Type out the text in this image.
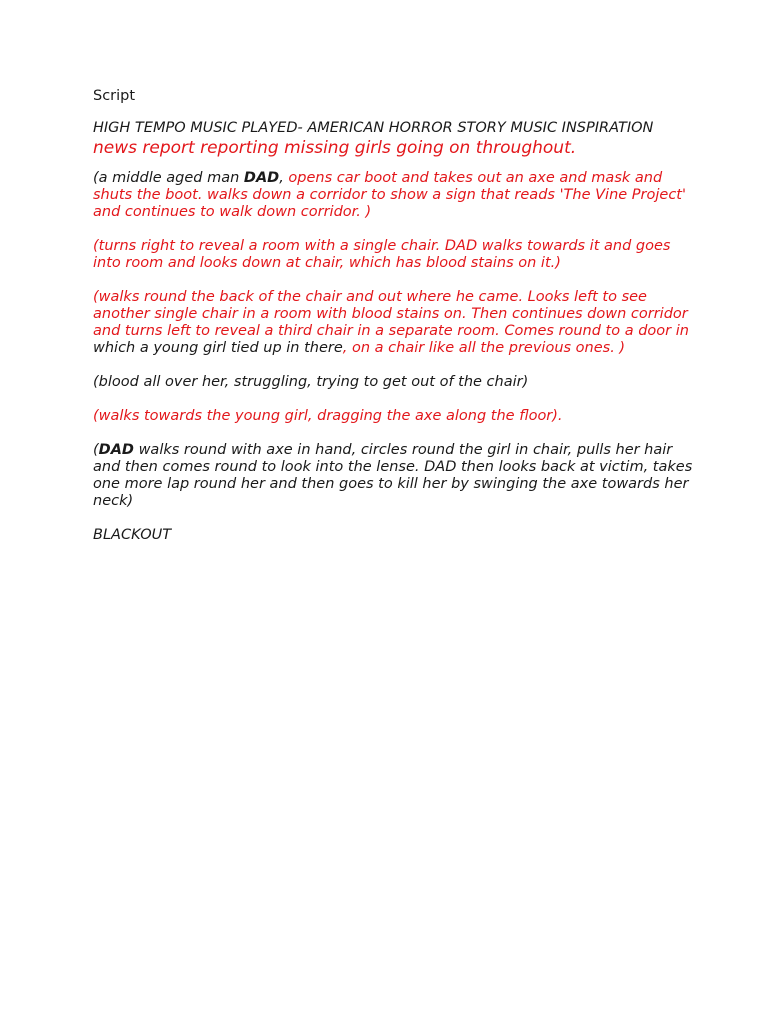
Script

HIGH TEMPO MUSIC PLAYED- AMERICAN HORROR STORY MUSIC INSPIRATION

news report reporting missing girls going on throughout.

(a middle aged man DAD, opens car boot and takes out an axe and mask and shuts the boot. walks down a corridor to show a sign that reads 'The Vine Project' and continues to walk down corridor. )

(turns right to reveal a room with a single chair. DAD walks towards it and goes into room and looks down at chair, which has blood stains on it.)

(walks round the back of the chair and out where he came. Looks left to see another single chair in a room with blood stains on. Then continues down corridor and turns left to reveal a third chair in a separate room. Comes round to a door in which a young girl tied up in there, on a chair like all the previous ones. )

(blood all over her, struggling, trying to get out of the chair)

(walks towards the young girl, dragging the axe along the floor).

(DAD walks round with axe in hand, circles round the girl in chair, pulls her hair and then comes round to look into the lense. DAD then looks back at victim, takes one more lap round her and then goes to kill her by swinging the axe towards her neck)

BLACKOUT
